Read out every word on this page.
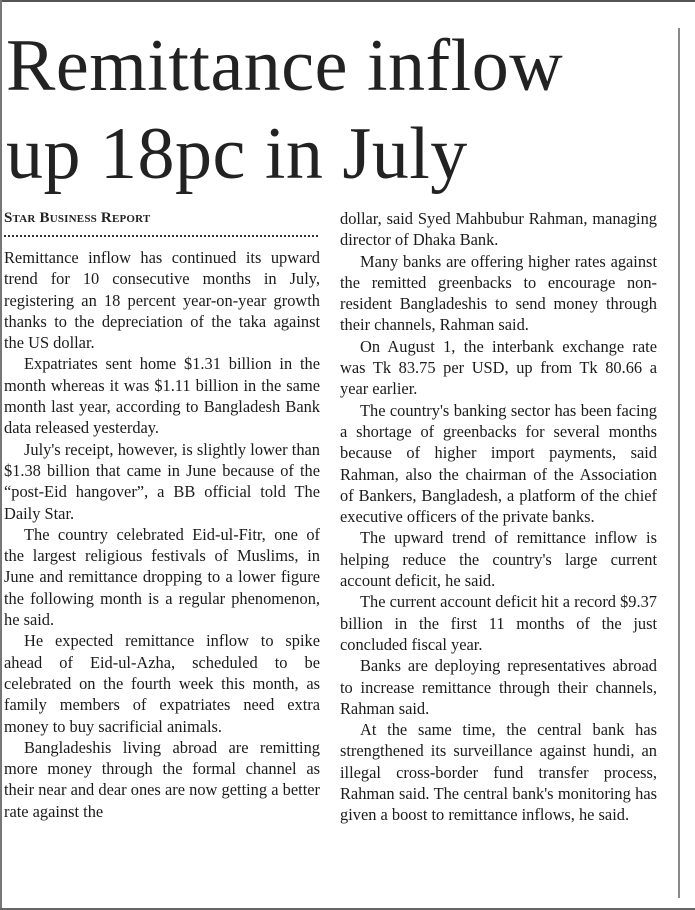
Remittance inflow
up 18pc in July

Star Business Report

Remittance inflow has continued its upward trend for 10 consecutive months in July, registering an 18 percent year-on-year growth thanks to the depreciation of the taka against the US dollar.

Expatriates sent home $1.31 billion in the month whereas it was $1.11 billion in the same month last year, according to Bangladesh Bank data released yesterday.

July's receipt, however, is slightly lower than $1.38 billion that came in June because of the “post-Eid hangover”, a BB official told The Daily Star.

The country celebrated Eid-ul-Fitr, one of the largest religious festivals of Muslims, in June and remittance dropping to a lower figure the following month is a regular phenomenon, he said.

He expected remittance inflow to spike ahead of Eid-ul-Azha, scheduled to be celebrated on the fourth week this month, as family members of expatriates need extra money to buy sacrificial animals.

Bangladeshis living abroad are remitting more money through the formal channel as their near and dear ones are now getting a better rate against the

dollar, said Syed Mahbubur Rahman, managing director of Dhaka Bank.

Many banks are offering higher rates against the remitted greenbacks to encourage non-resident Bangladeshis to send money through their channels, Rahman said.

On August 1, the interbank exchange rate was Tk 83.75 per USD, up from Tk 80.66 a year earlier.

The country's banking sector has been facing a shortage of greenbacks for several months because of higher import payments, said Rahman, also the chairman of the Association of Bankers, Bangladesh, a platform of the chief executive officers of the private banks.

The upward trend of remittance inflow is helping reduce the country's large current account deficit, he said.

The current account deficit hit a record $9.37 billion in the first 11 months of the just concluded fiscal year.

Banks are deploying representatives abroad to increase remittance through their channels, Rahman said.

At the same time, the central bank has strengthened its surveillance against hundi, an illegal cross-border fund transfer process, Rahman said. The central bank's monitoring has given a boost to remittance inflows, he said.
